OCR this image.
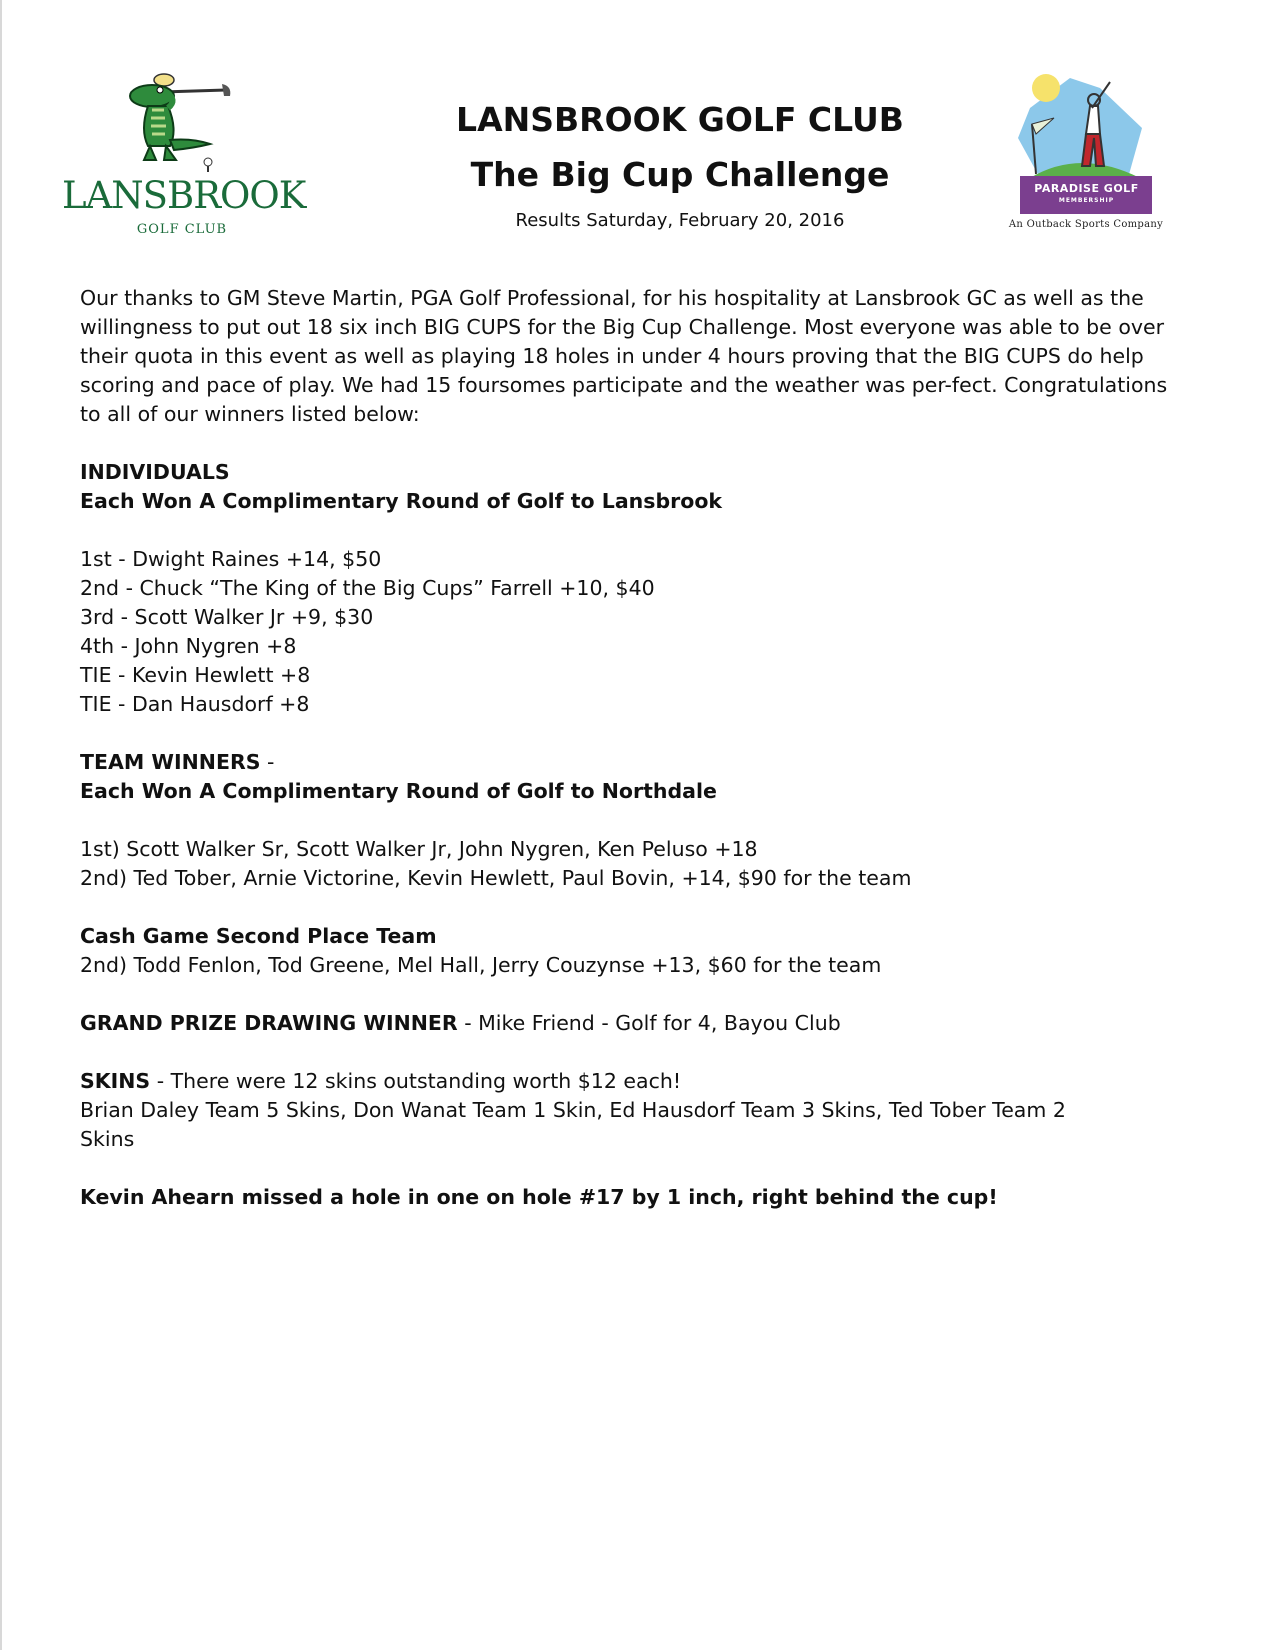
LANSBROOK
GOLF CLUB
LANSBROOK GOLF CLUB
The Big Cup Challenge
Results Saturday, February 20, 2016
PARADISE GOLF
MEMBERSHIP
An Outback Sports Company

Our thanks to GM Steve Martin, PGA Golf Professional, for his hospitality at Lansbrook GC as well as the willingness to put out 18 six inch BIG CUPS for the Big Cup Challenge. Most everyone was able to be over their quota in this event as well as playing 18 holes in under 4 hours proving that the BIG CUPS do help scoring and pace of play. We had 15 foursomes participate and the weather was per-fect. Congratulations to all of our winners listed below:

INDIVIDUALS

Each Won A Complimentary Round of Golf to Lansbrook

1st - Dwight Raines +14, $50

2nd - Chuck “The King of the Big Cups” Farrell +10, $40

3rd - Scott Walker Jr +9, $30

4th - John Nygren +8

TIE - Kevin Hewlett +8

TIE - Dan Hausdorf +8

TEAM WINNERS -

Each Won A Complimentary Round of Golf to Northdale

1st) Scott Walker Sr, Scott Walker Jr, John Nygren, Ken Peluso +18

2nd) Ted Tober, Arnie Victorine, Kevin Hewlett, Paul Bovin, +14, $90 for the team

Cash Game Second Place Team

2nd) Todd Fenlon, Tod Greene, Mel Hall, Jerry Couzynse +13, $60 for the team

GRAND PRIZE DRAWING WINNER - Mike Friend - Golf for 4, Bayou Club

SKINS - There were 12 skins outstanding worth $12 each!

Brian Daley Team 5 Skins, Don Wanat Team 1 Skin, Ed Hausdorf Team 3 Skins, Ted Tober Team 2

Skins

Kevin Ahearn missed a hole in one on hole #17 by 1 inch, right behind the cup!
